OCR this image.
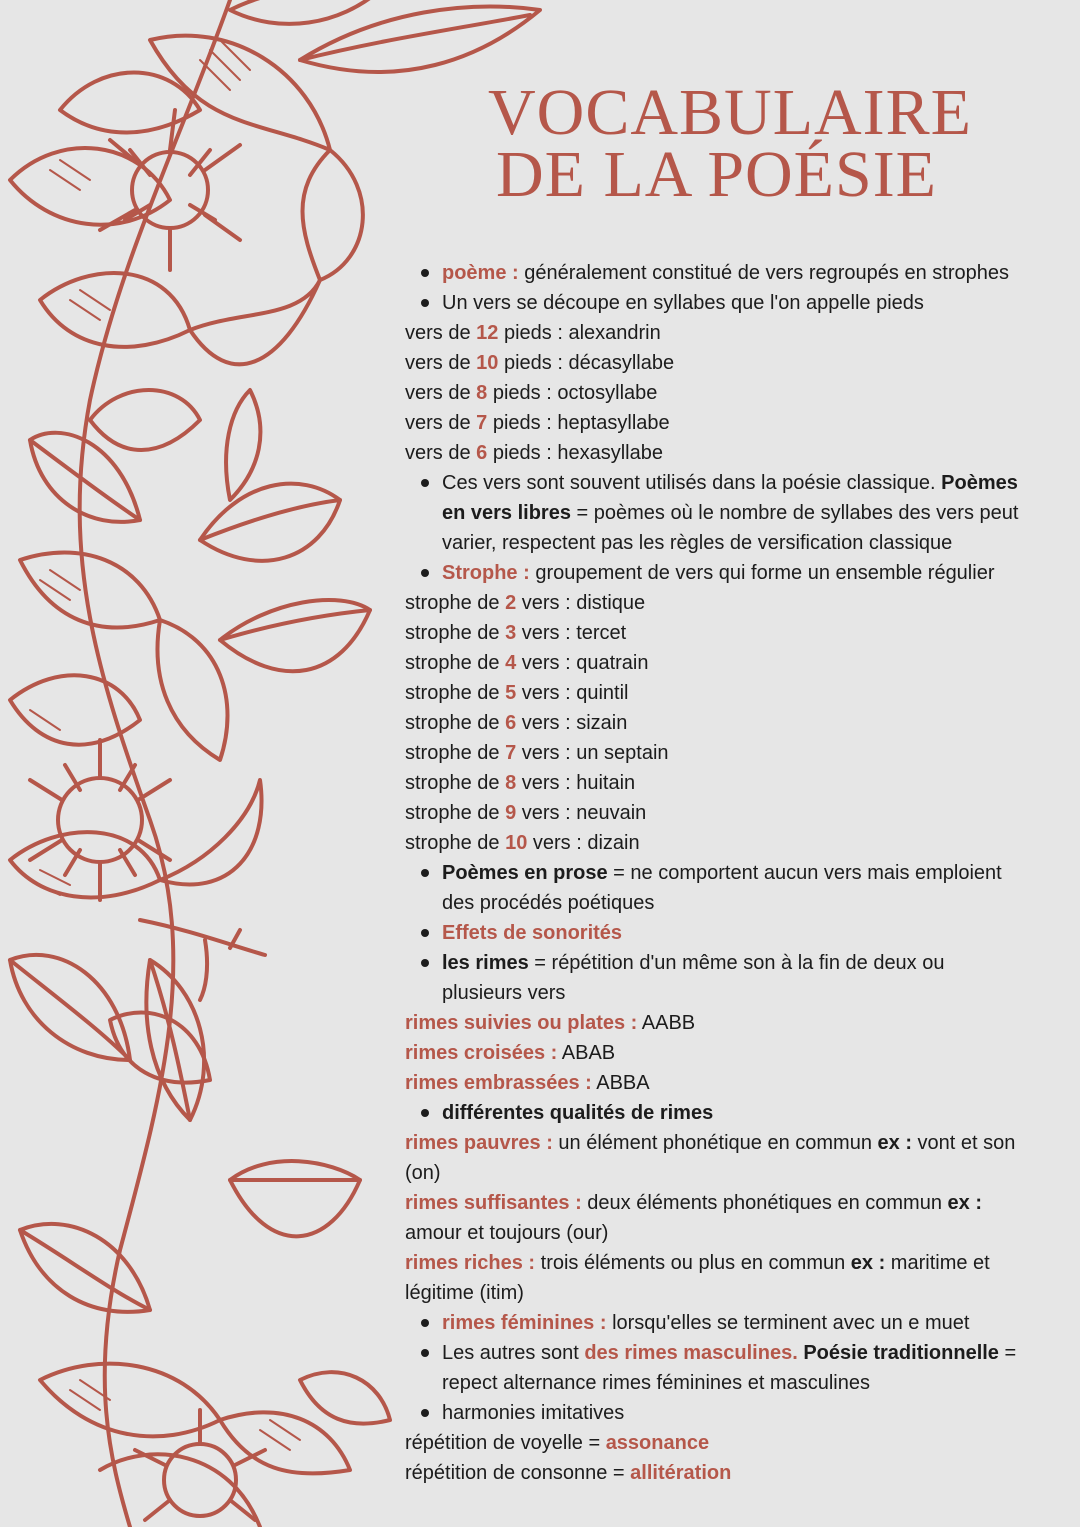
VOCABULAIRE
DE LA POÉSIE
poème : généralement constitué de vers regroupés en strophes
Un vers se découpe en syllabes que l'on appelle pieds
vers de 12 pieds : alexandrin
vers de 10 pieds : décasyllabe
vers de 8 pieds : octosyllabe
vers de 7 pieds : heptasyllabe
vers de 6 pieds : hexasyllabe
Ces vers sont souvent utilisés dans la poésie classique. Poèmes
en vers libres = poèmes où le nombre de syllabes des vers peut
varier, respectent pas les règles de versification classique
Strophe : groupement de vers qui forme un ensemble régulier
strophe de 2 vers : distique
strophe de 3 vers : tercet
strophe de 4 vers : quatrain
strophe de 5 vers : quintil
strophe de 6 vers : sizain
strophe de 7 vers : un septain
strophe de 8 vers : huitain
strophe de 9 vers : neuvain
strophe de 10 vers : dizain
Poèmes en prose = ne comportent aucun vers mais emploient
des procédés poétiques
Effets de sonorités
les rimes = répétition d'un même son à la fin de deux ou
plusieurs vers
rimes suivies ou plates : AABB
rimes croisées : ABAB
rimes embrassées : ABBA
différentes qualités de rimes
rimes pauvres : un élément phonétique en commun ex : vont et son
(on)
rimes suffisantes : deux éléments phonétiques en commun ex :
amour et toujours (our)
rimes riches : trois éléments ou plus en commun ex : maritime et
légitime (itim)
rimes féminines : lorsqu'elles se terminent avec un e muet
Les autres sont des rimes masculines. Poésie traditionnelle =
repect alternance rimes féminines et masculines
harmonies imitatives
répétition de voyelle = assonance
répétition de consonne = allitération
